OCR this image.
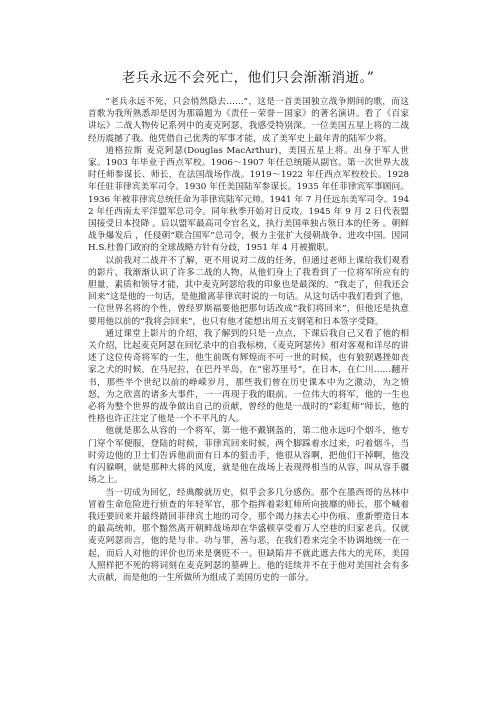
老兵永远不会死亡，他们只会渐渐消逝。”

“老兵永远不死，只会悄然隐去……”，这是一首美国独立战争期间的歌，而这首歌为我所熟悉却是因为那篇题为《责任－荣誉－国家》的著名演讲。看了《百家讲坛》二战人物传记系列中的麦克阿瑟，我感受特别深。一位美国五星上将的二战经历震撼了我。他凭借自己优秀的军事才能，成了美军史上最年青的陆军少将。

道格拉斯 麦克阿瑟(Douglas MacArthur)，美国五星上将。出身于军人世家。1903 年毕业于西点军校。1906～1907 年任总统随从副官。第一次世界大战时任师参谋长、师长，在法国战场作战。1919～1922 年任西点军校校长。1928年任驻菲律宾美军司令。1930 年任美国陆军参谋长。1935 年任菲律宾军事顾问。1936 年被菲律宾总统任命为菲律宾陆军元帅。1941 年 7 月任远东美军司令。1942 年任西南太平洋盟军总司令。同年秋季开始对日反攻。1945 年 9 月 2 日代表盟国接受日本投降 。后以盟军最高司令官名义，执行美国单独占领日本的任务 。朝鲜战争爆发后 ，任侵朝“联合国军”总司令，极力主张扩大侵朝战争、进攻中国。因同 H.S.杜鲁门政府的全球战略方针有分歧，1951 年 4 月被撤职。

以前我对二战并不了解，更不用说对二战的任务，但通过老师上课给我们观看的影片，我渐渐认识了许多二战的人物，从他们身上了我看到了一位将军所应有的胆量，素质和领导才能，其中麦克阿瑟给我的印象也是最深的。“我走了，但我还会回来”这是他的一句话，是他撤离菲律宾时说的一句话。从这句话中我们看到了他，一位世界名将的个性，曾经罗斯福要他把那句话改成“我们将回来”，但他还是执意要用他以前的“我将会回来”，也只有他才能想出用五支钢笔和日本签字受降。

通过课堂上影片的介绍，我了解到的只是一点点，下课后我自己又看了他的相关介绍，比起麦克阿瑟在回忆录中的自我标榜，《麦克阿瑟传》相对客观和详尽的讲述了这位传奇将军的一生，他生前既有辉煌而不可一世的时候，也有狼狈遇挫如丧家之犬的时候，在马尼拉，在巴丹半岛，在“密苏里号”，在日本，在仁川……翻开书，那些半个世纪以前的峥嵘岁月，那些我们曾在历史课本中为之激动，为之愤怒，为之欣喜的诸多大事件，一一再现于我的眼前。一位伟大的将军，他的一生也必将为整个世界的战争做出自己的贡献，曾经的他是一战时的“彩虹师”师长，他的性格也许正注定了他是一个不平凡的人。

他就是那么从容的一个将军，第一他不戴钢盔的，第二他永远叼个烟斗，他专门穿个军便服，登陆的时候，菲律宾回来时候，两个脚踩着水过来，叼着烟斗，当时旁边他的卫士们告诉他前面有日本的狙击手，他很从容啊，把他们干掉啊，他没有闪躲啊，就是那种大将的风度，就是他在战场上表现得相当的从容，叫从容手疆场之上。

当一切成为回忆，经典酸就历史，似乎会多几分感伤。那个在墨西哥的丛林中冒着生命危险进行侦查的年轻军官，那个指挥着彩虹师所向披靡的师长，那个喊着我还要回来并最终踏回菲律宾土地的司令，那个竭力抹去心中伤痕、重新塑造日本的最高统帅，那个黯然离开朝鲜战场却在华盛顿享受着万人空巷的归家老兵。仅就麦克阿瑟而言，他的是与非、功与罪，善与恶，在我们看来完全不协调地统一在一起，而后人对他的评价也历来是褒贬不一。但缺陷并不就此遮去伟大的光环，美国人照样把不死的将词刻在麦克阿瑟的墓碑上。他的廷续并不在于他对美国社会有多大贡献，而是他的一生所做所为组成了美国历史的一部分。
